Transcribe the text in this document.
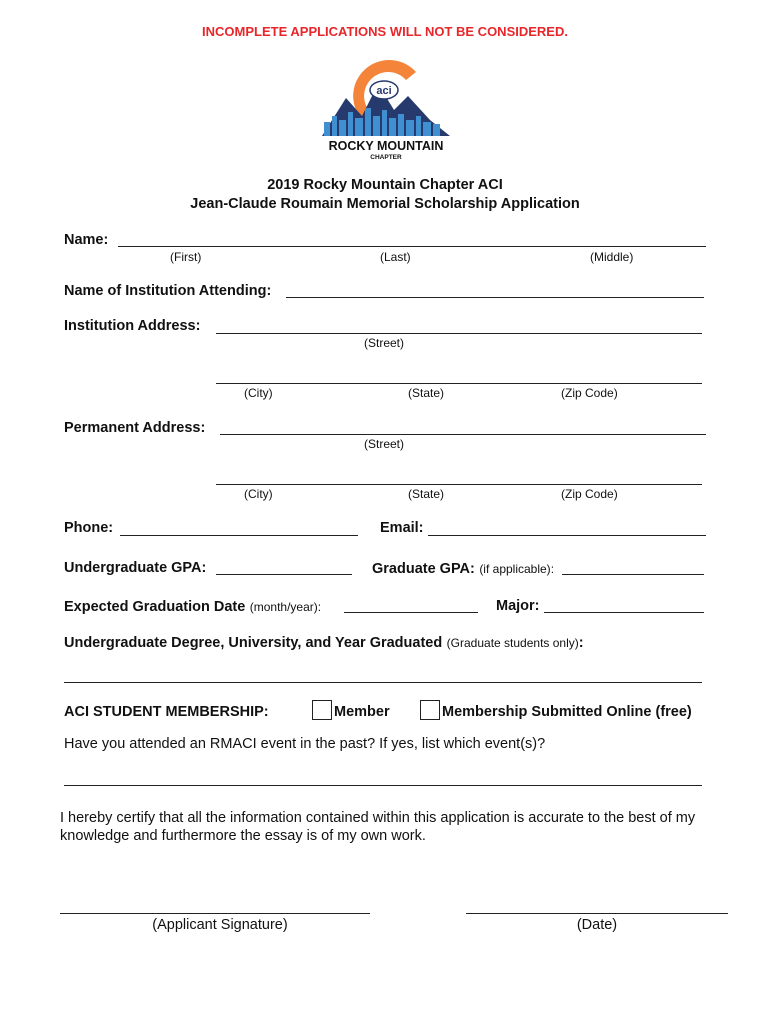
INCOMPLETE APPLICATIONS WILL NOT BE CONSIDERED.
aci
ROCKY MOUNTAIN
CHAPTER
2019 Rocky Mountain Chapter ACI
Jean-Claude Roumain Memorial Scholarship Application
Name:
(First)	(Last)	(Middle)
Name of Institution Attending:
Institution Address:
(Street)
(City)	(State)	(Zip Code)
Permanent Address:
(Street)
(City)	(State)	(Zip Code)
Phone:	Email:
Undergraduate GPA:	Graduate GPA: (if applicable):
Expected Graduation Date (month/year):	Major:
Undergraduate Degree, University, and Year Graduated (Graduate students only):
ACI STUDENT MEMBERSHIP:	Member	Membership Submitted Online (free)
Have you attended an RMACI event in the past? If yes, list which event(s)?
I hereby certify that all the information contained within this application is accurate to the best of my
knowledge and furthermore the essay is of my own work.
(Applicant Signature)	(Date)
